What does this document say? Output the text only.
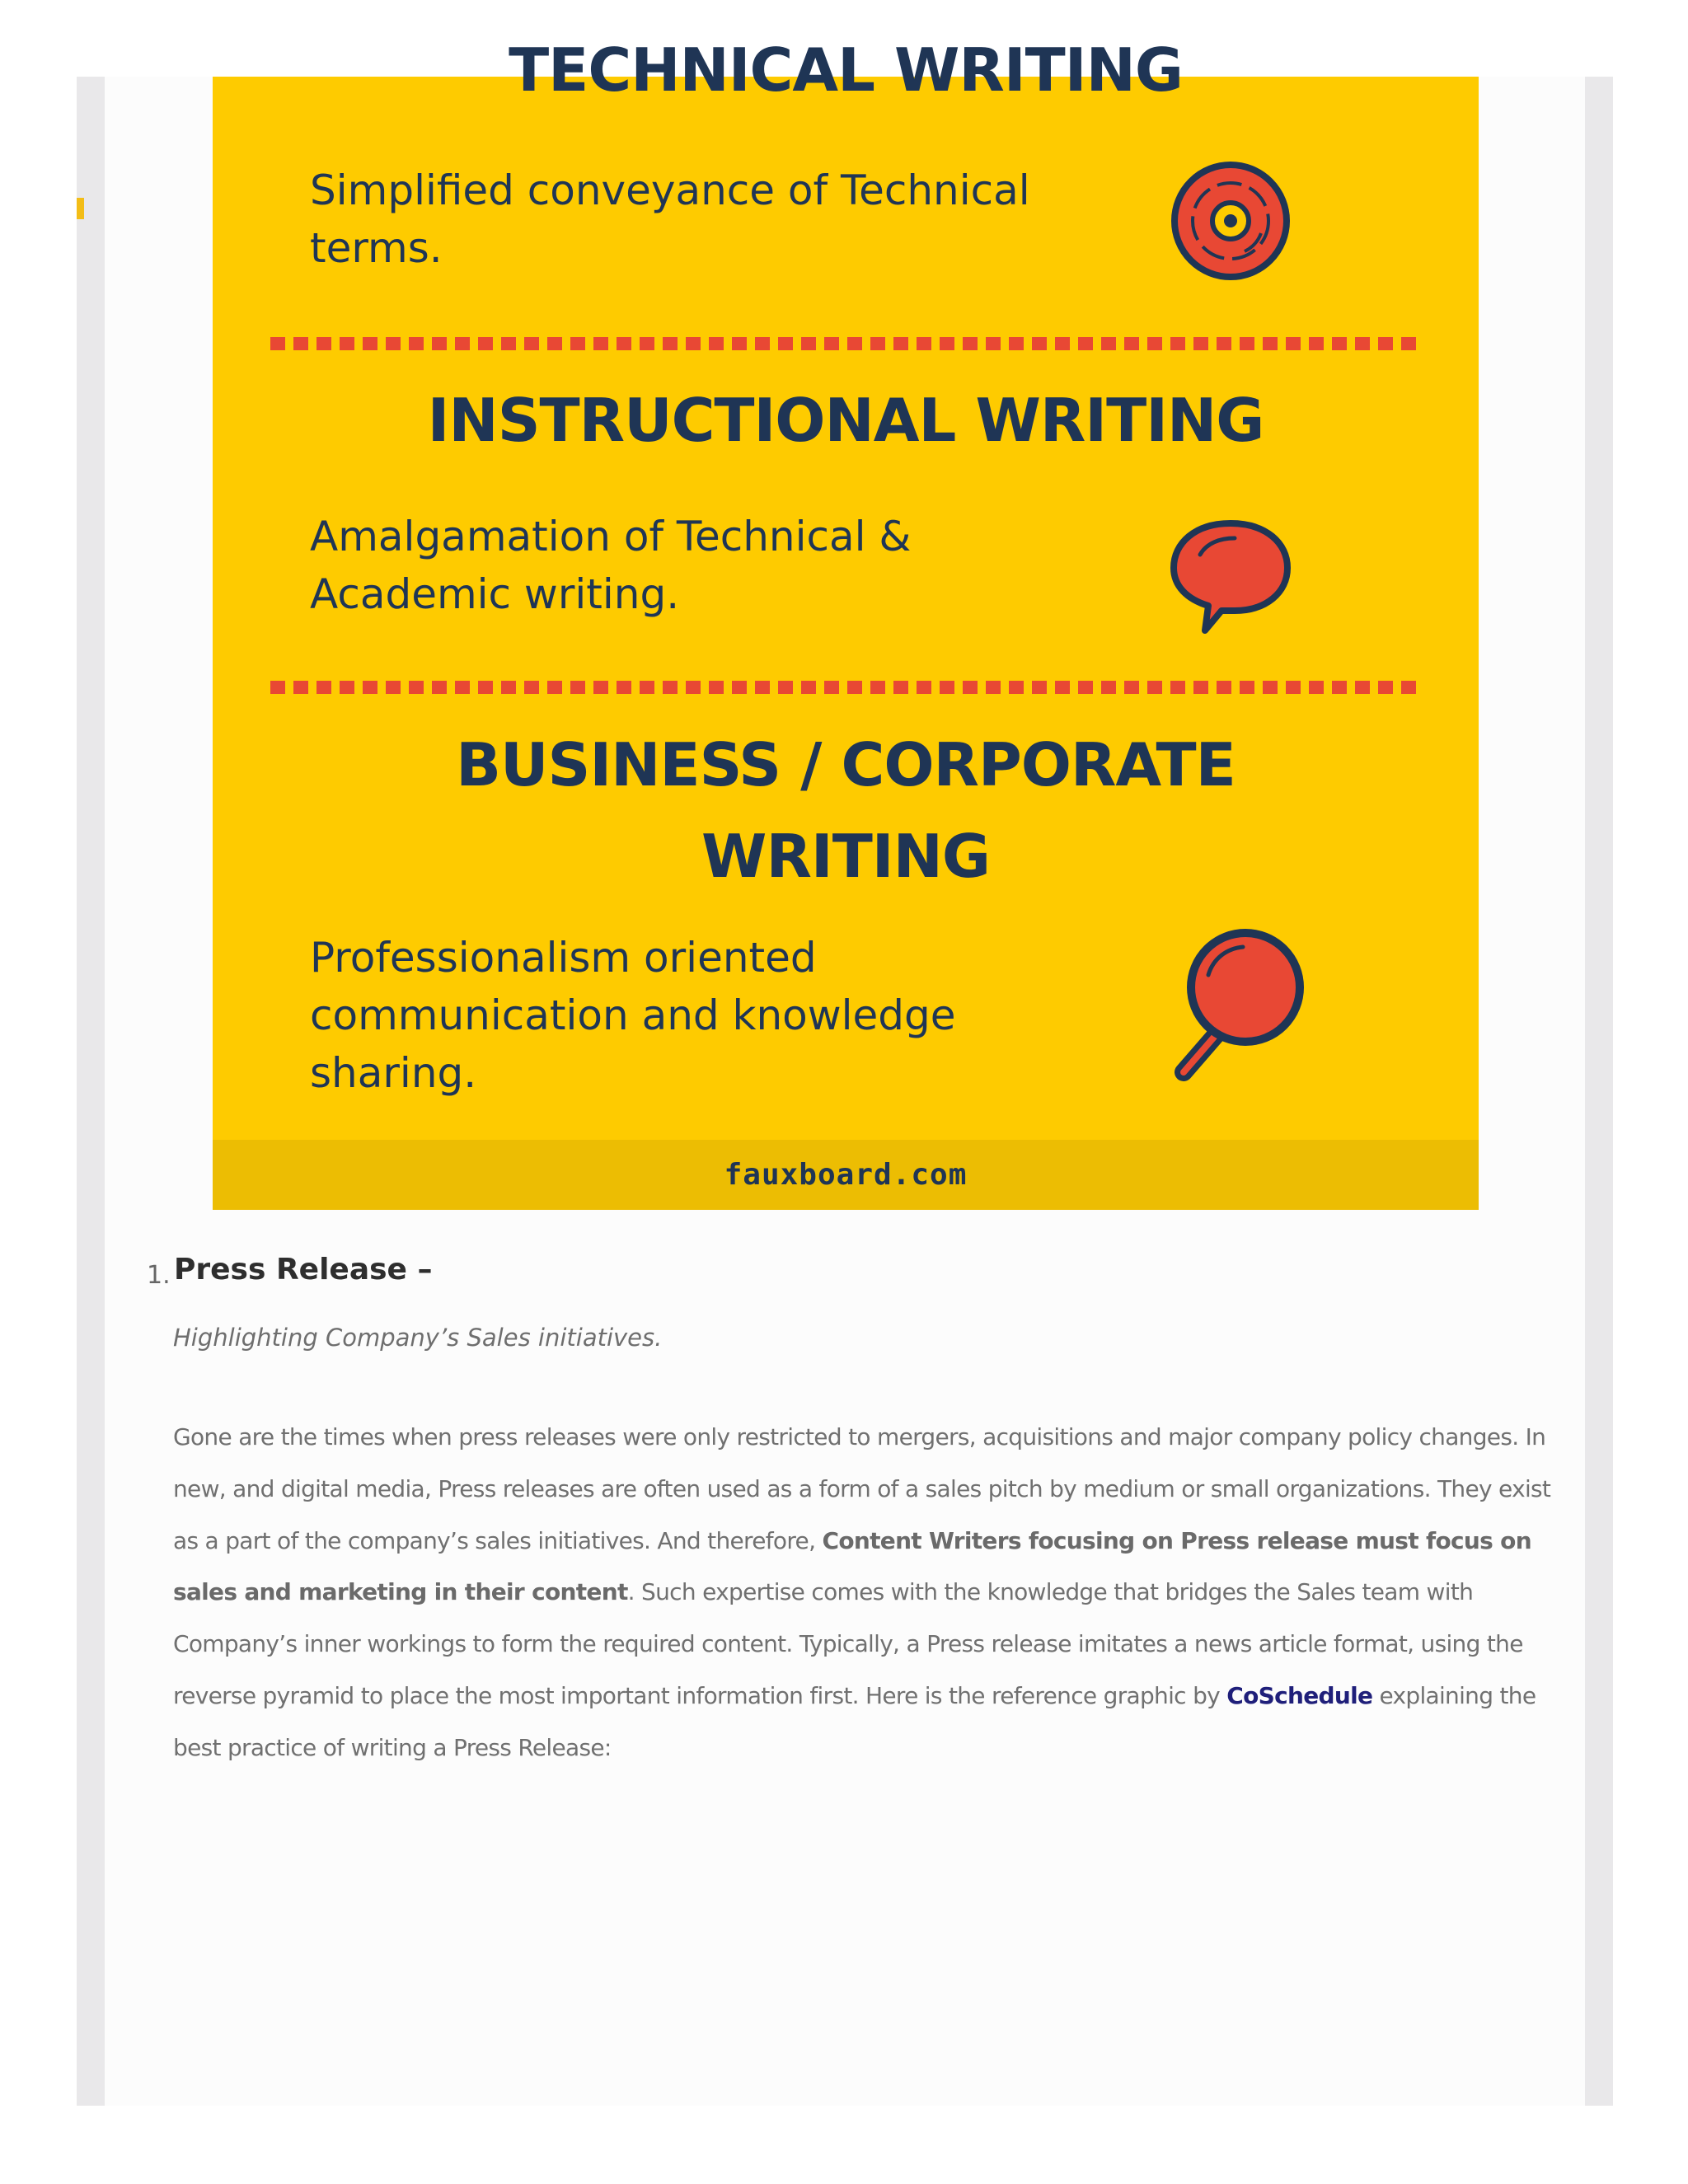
TECHNICAL WRITING
Simplified conveyance of Technical
terms.
INSTRUCTIONAL WRITING
Amalgamation of Technical &
Academic writing.
BUSINESS / CORPORATE
WRITING
Professionalism oriented
communication and knowledge
sharing.
fauxboard.com
1. Press Release –
Highlighting Company’s Sales initiatives.
Gone are the times when press releases were only restricted to mergers, acquisitions and major company policy changes. In new, and digital media, Press releases are often used as a form of a sales pitch by medium or small organizations. They exist as a part of the company’s sales initiatives. And therefore, Content Writers focusing on Press release must focus on sales and marketing in their content. Such expertise comes with the knowledge that bridges the Sales team with Company’s inner workings to form the required content. Typically, a Press release imitates a news article format, using the reverse pyramid to place the most important information first. Here is the reference graphic by CoSchedule explaining the best practice of writing a Press Release:
